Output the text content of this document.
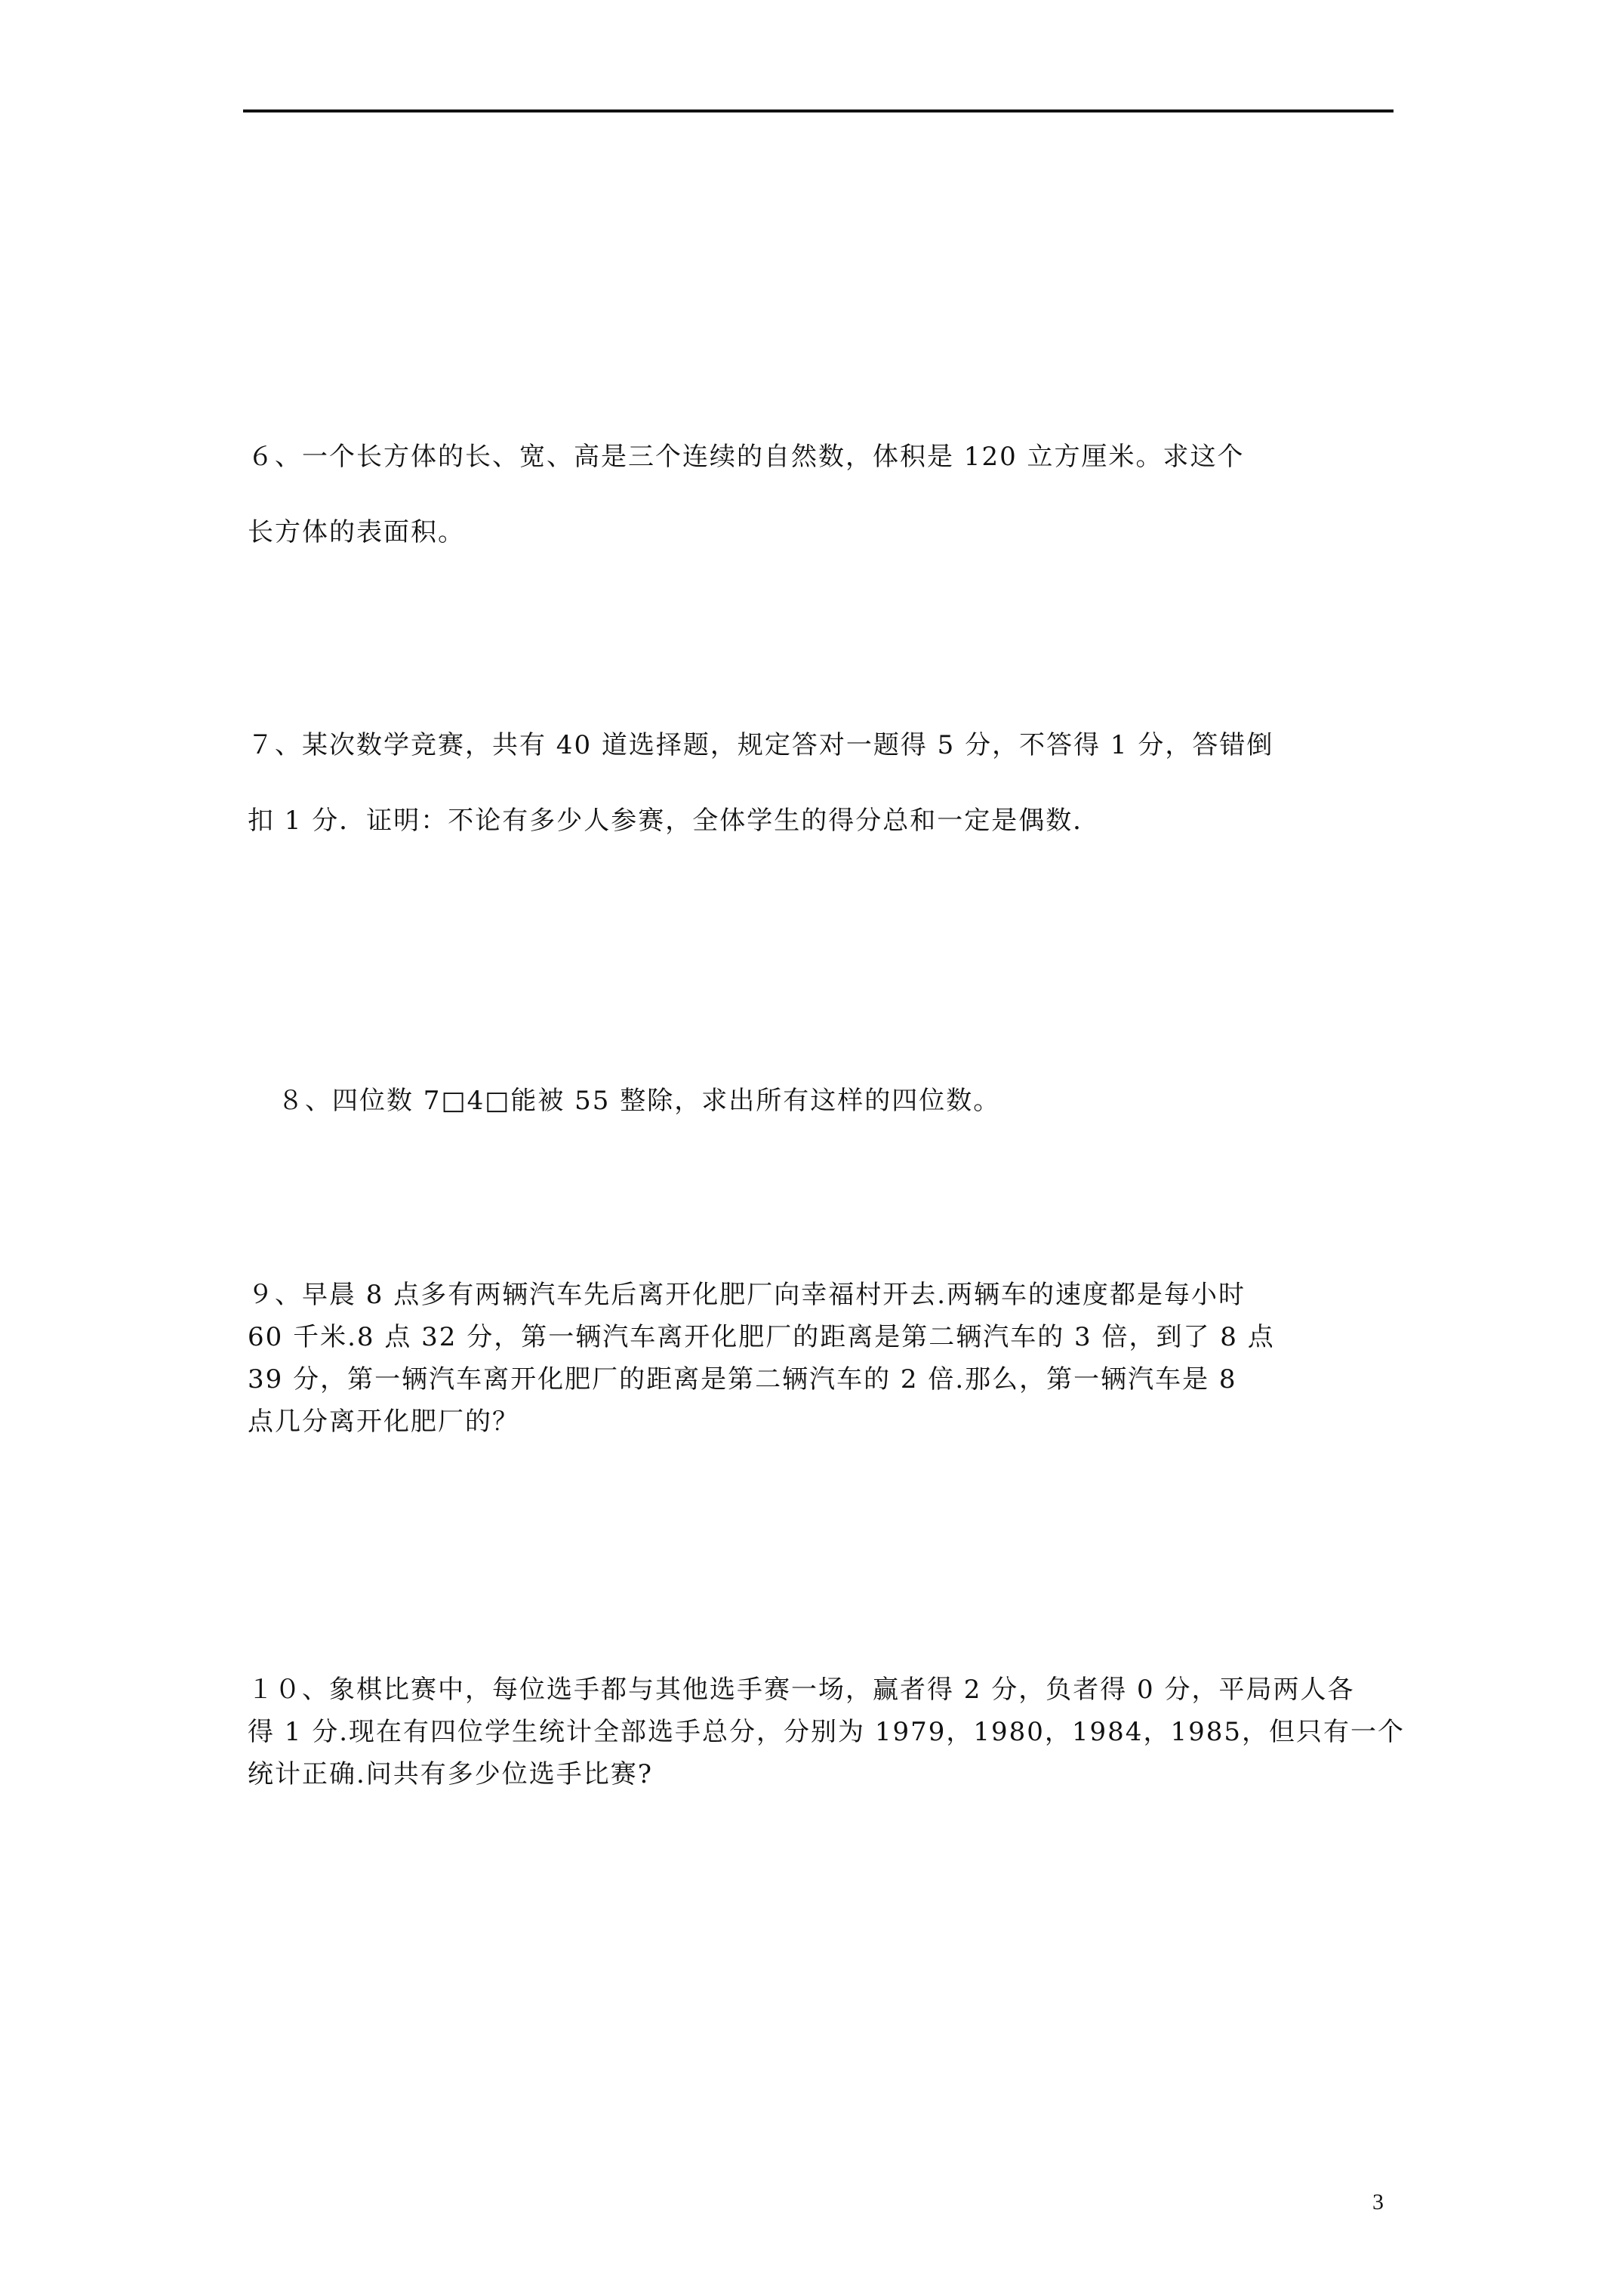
６、一个长方体的长、宽、高是三个连续的自然数，体积是 120 立方厘米。求这个
长方体的表面积。
７、某次数学竞赛，共有 40 道选择题，规定答对一题得 5 分，不答得 1 分，答错倒
扣 1 分．证明：不论有多少人参赛，全体学生的得分总和一定是偶数．
８、四位数 7□4□能被 55 整除，求出所有这样的四位数。
９、早晨 8 点多有两辆汽车先后离开化肥厂向幸福村开去.两辆车的速度都是每小时
60 千米.8 点 32 分，第一辆汽车离开化肥厂的距离是第二辆汽车的 3 倍，到了 8 点
39 分，第一辆汽车离开化肥厂的距离是第二辆汽车的 2 倍.那么，第一辆汽车是 8
点几分离开化肥厂的？
１０、象棋比赛中，每位选手都与其他选手赛一场，赢者得 2 分，负者得 0 分，平局两人各
得 1 分.现在有四位学生统计全部选手总分，分别为 1979，1980，1984，1985，但只有一个
统计正确.问共有多少位选手比赛?
3
